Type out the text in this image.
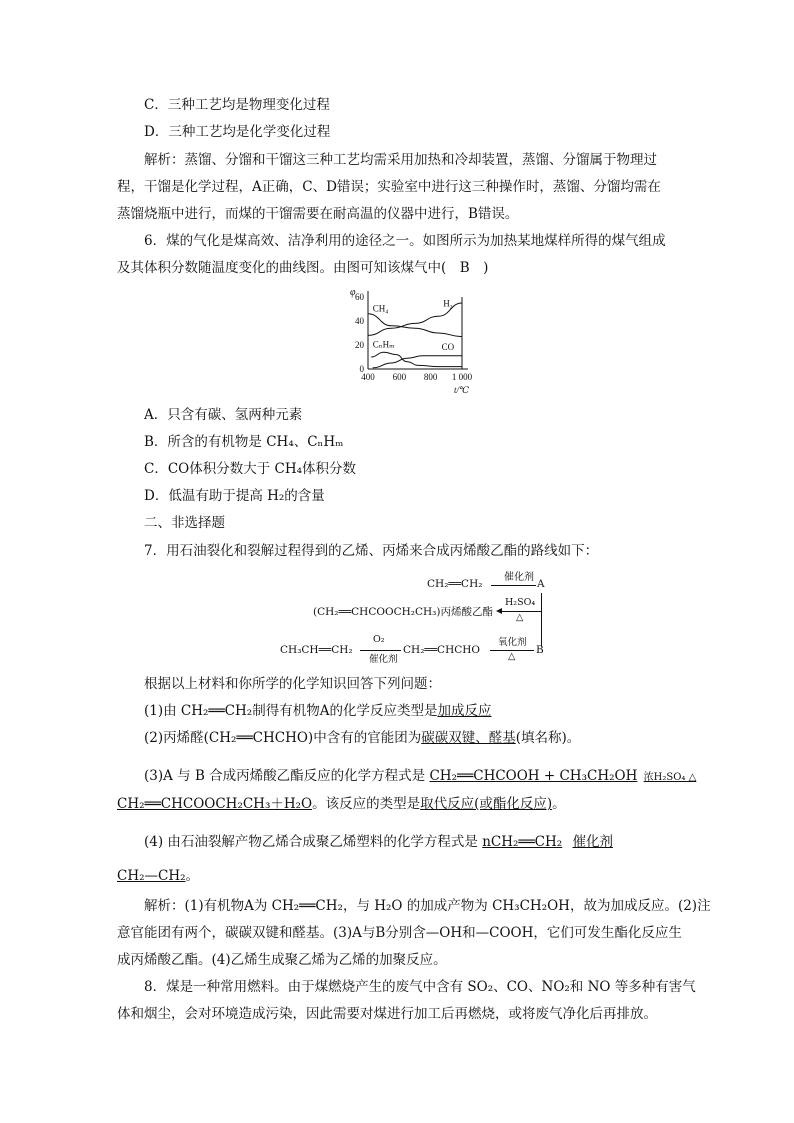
C．三种工艺均是物理变化过程
D．三种工艺均是化学变化过程
解析：蒸馏、分馏和干馏这三种工艺均需采用加热和冷却装置，蒸馏、分馏属于物理过
程，干馏是化学过程，A正确，C、D错误；实验室中进行这三种操作时，蒸馏、分馏均需在
蒸馏烧瓶中进行，而煤的干馏需要在耐高温的仪器中进行，B错误。
6．煤的气化是煤高效、洁净利用的途径之一。如图所示为加热某地煤样所得的煤气组成
及其体积分数随温度变化的曲线图。由图可知该煤气中(　B　)
φ
t/℃
0
20
40
60
400 600 800 1 000
H₂
CH₄
CₙHₘ	CO
A．只含有碳、氢两种元素
B．所含的有机物是 CH₄、CₙHₘ
C．CO体积分数大于 CH₄体积分数
D．低温有助于提高 H₂的含量
二、非选择题
7．用石油裂化和裂解过程得到的乙烯、丙烯来合成丙烯酸乙酯的路线如下：
CH₂══CH₂
催化剂
A
(CH₂══CHCOOCH₂CH₃)丙烯酸乙酯
H₂SO₄
△
CH₃CH══CH₂
O₂
催化剂
CH₂══CHCHO
氧化剂
△
B
根据以上材料和你所学的化学知识回答下列问题：
(1)由 CH₂══CH₂制得有机物A的化学反应类型是加成反应
(2)丙烯醛(CH₂══CHCHO)中含有的官能团为碳碳双键、醛基(填名称)。
(3)A 与 B 合成丙烯酸乙酯反应的化学方程式是 CH₂══CHCOOH + CH₃CH₂OH 浓H₂SO₄ △
CH₂══CHCOOCH₂CH₃＋H₂O。该反应的类型是取代反应(或酯化反应)。
(4) 由石油裂解产物乙烯合成聚乙烯塑料的化学方程式是 nCH₂══CH₂ 催化剂
CH₂—CH₂。
解析：(1)有机物A为 CH₂══CH₂，与 H₂O 的加成产物为 CH₃CH₂OH，故为加成反应。(2)注
意官能团有两个，碳碳双键和醛基。(3)A与B分别含—OH和—COOH，它们可发生酯化反应生
成丙烯酸乙酯。(4)乙烯生成聚乙烯为乙烯的加聚反应。
8．煤是一种常用燃料。由于煤燃烧产生的废气中含有 SO₂、CO、NO₂和 NO 等多种有害气
体和烟尘，会对环境造成污染，因此需要对煤进行加工后再燃烧，或将废气净化后再排放。
